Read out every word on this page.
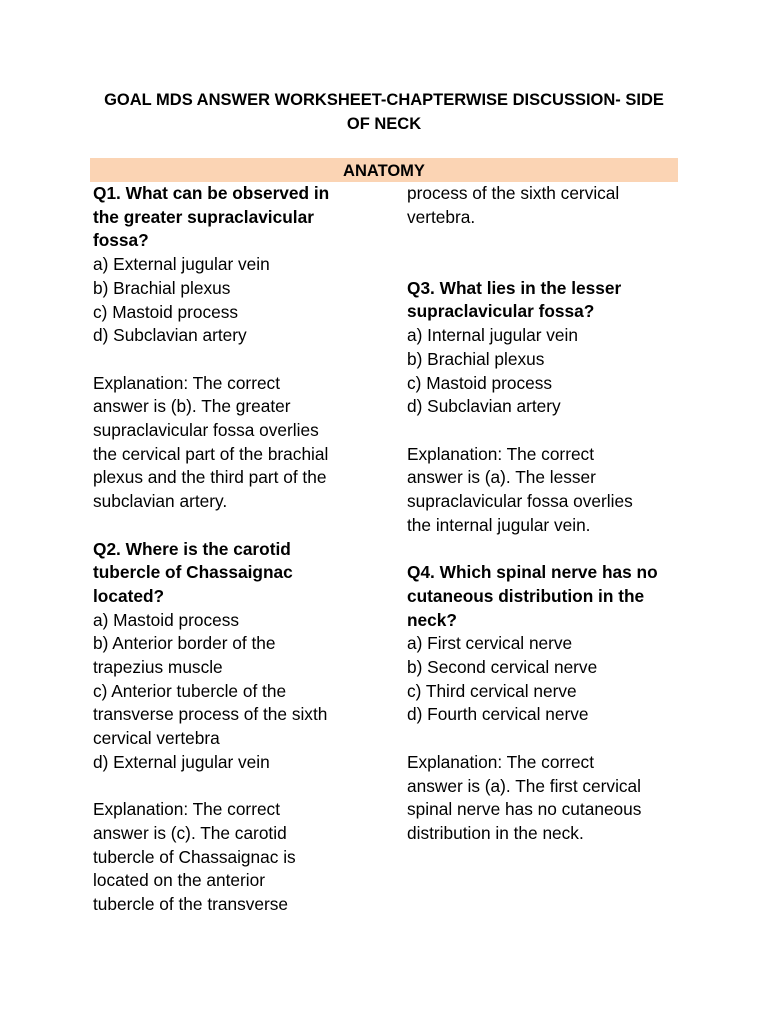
GOAL MDS ANSWER WORKSHEET-CHAPTERWISE DISCUSSION- SIDE
OF NECK
ANATOMY
Q1. What can be observed in
the greater supraclavicular
fossa?
a) External jugular vein
b) Brachial plexus
c) Mastoid process
d) Subclavian artery
Explanation: The correct
answer is (b). The greater
supraclavicular fossa overlies
the cervical part of the brachial
plexus and the third part of the
subclavian artery.
Q2. Where is the carotid
tubercle of Chassaignac
located?
a) Mastoid process
b) Anterior border of the
trapezius muscle
c) Anterior tubercle of the
transverse process of the sixth
cervical vertebra
d) External jugular vein
Explanation: The correct
answer is (c). The carotid
tubercle of Chassaignac is
located on the anterior
tubercle of the transverse
process of the sixth cervical
vertebra.
Q3. What lies in the lesser
supraclavicular fossa?
a) Internal jugular vein
b) Brachial plexus
c) Mastoid process
d) Subclavian artery
Explanation: The correct
answer is (a). The lesser
supraclavicular fossa overlies
the internal jugular vein.
Q4. Which spinal nerve has no
cutaneous distribution in the
neck?
a) First cervical nerve
b) Second cervical nerve
c) Third cervical nerve
d) Fourth cervical nerve
Explanation: The correct
answer is (a). The first cervical
spinal nerve has no cutaneous
distribution in the neck.
